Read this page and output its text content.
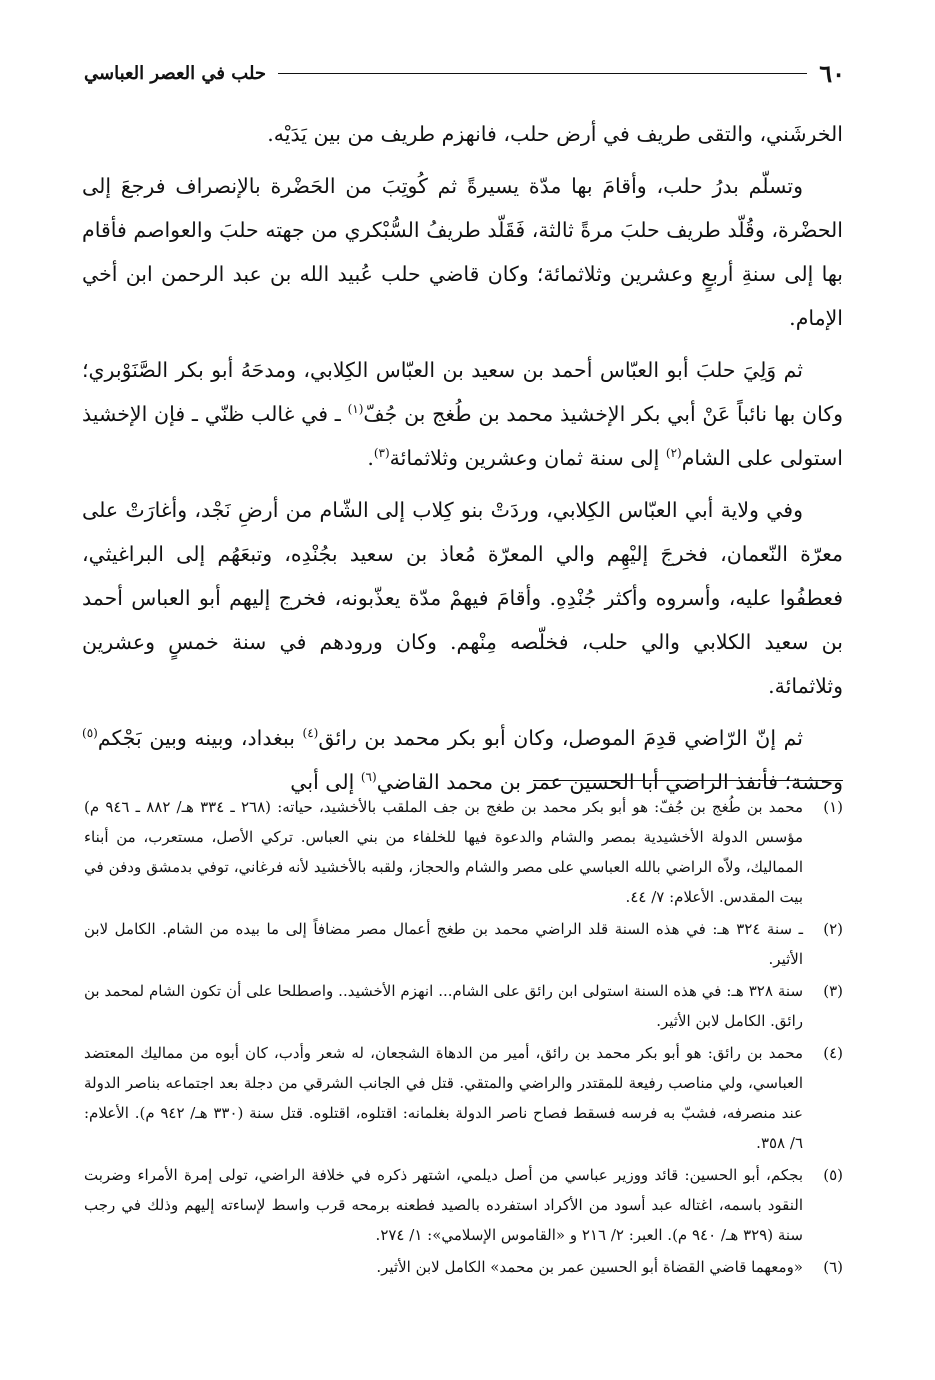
٦٠
حلب في العصر العباسي

الخرشَني، والتقى طريف في أرض حلب، فانهزم طريف من بين يَدَيْه.

وتسلّم بدرُ حلب، وأقامَ بها مدّة يسيرةً ثم كُوتِبَ من الحَضْرة بالإنصراف فرجعَ إلى الحضْرة، وقُلّد طريف حلبَ مرةً ثالثة، فَقَلّد طريفُ السُّبْكري من جهته حلبَ والعواصم فأقام بها إلى سنةِ أربعٍ وعشرين وثلاثمائة؛ وكان قاضي حلب عُبيد الله بن عبد الرحمن ابن أخي الإمام.

ثم وَلِيَ حلبَ أبو العبّاس أحمد بن سعيد بن العبّاس الكِلابي، ومدحَهُ أبو بكر الصَّنَوْبري؛ وكان بها نائباً عَنْ أبي بكر الإخشيذ محمد بن طُغج بن جُفّ$^{(١)}$ ـ في غالب ظنّي ـ فإن الإخشيذ استولى على الشام$^{(٢)}$ إلى سنة ثمان وعشرين وثلاثمائة$^{(٣)}$.

وفي ولاية أبي العبّاس الكِلابي، وردَتْ بنو كِلاب إلى الشّام من أرضِ نَجْد، وأغارَتْ على معرّة النّعمان، فخرجَ إليْهِم والي المعرّة مُعاذ بن سعيد بجُنْدِه، وتبعَهُم إلى البراغيثي، فعطفُوا عليه، وأسروه وأكثر جُنْدِهِ. وأقامَ فيهمْ مدّة يعذّبونه، فخرج إليهم أبو العباس أحمد بن سعيد الكلابي والي حلب، فخلّصه مِنْهم. وكان ورودهم في سنة خمسٍ وعشرين وثلاثمائة.

ثم إنّ الرّاضي قدِمَ الموصل، وكان أبو بكر محمد بن رائق$^{(٤)}$ ببغداد، وبينه وبين بَجْكم$^{(٥)}$ وحشة؛ فأنفذ الراضي أبا الحسين عمر بن محمد القاضي$^{(٦)}$ إلى أبي

(١)
محمد بن طُغج بن جُفّ: هو أبو بكر محمد بن طغج بن جف الملقب بالأخشيد، حياته: (٢٦٨ ـ ٣٣٤ هـ/ ٨٨٢ ـ ٩٤٦ م) مؤسس الدولة الأخشيدية بمصر والشام والدعوة فيها للخلفاء من بني العباس. تركي الأصل، مستعرب، من أبناء المماليك، ولاّه الراضي بالله العباسي على مصر والشام والحجاز، ولقبه بالأخشيد لأنه فرغاني، توفي بدمشق ودفن في بيت المقدس. الأعلام: ٧/ ٤٤.
(٢)
ـ سنة ٣٢٤ هـ: في هذه السنة قلد الراضي محمد بن طغج أعمال مصر مضافاً إلى ما بيده من الشام. الكامل لابن الأثير.
(٣)
سنة ٣٢٨ هـ: في هذه السنة استولى ابن رائق على الشام... انهزم الأخشيد.. واصطلحا على أن تكون الشام لمحمد بن رائق. الكامل لابن الأثير.
(٤)
محمد بن رائق: هو أبو بكر محمد بن رائق، أمير من الدهاة الشجعان، له شعر وأدب، كان أبوه من مماليك المعتضد العباسي، ولي مناصب رفيعة للمقتدر والراضي والمتقي. قتل في الجانب الشرقي من دجلة بعد اجتماعه بناصر الدولة عند منصرفه، فشبّ به فرسه فسقط فصاح ناصر الدولة بغلمانه: اقتلوه، اقتلوه. قتل سنة (٣٣٠ هـ/ ٩٤٢ م). الأعلام: ٦/ ٣٥٨.
(٥)
بجكم، أبو الحسين: قائد ووزير عباسي من أصل ديلمي، اشتهر ذكره في خلافة الراضي، تولى إمرة الأمراء وضربت النقود باسمه، اغتاله عبد أسود من الأكراد استفرده بالصيد فطعنه برمحه قرب واسط لإساءته إليهم وذلك في رجب سنة (٣٢٩ هـ/ ٩٤٠ م). العبر: ٢/ ٢١٦ و «القاموس الإسلامي»: ١/ ٢٧٤.
(٦)
«ومعهما قاضي القضاة أبو الحسين عمر بن محمد» الكامل لابن الأثير.
